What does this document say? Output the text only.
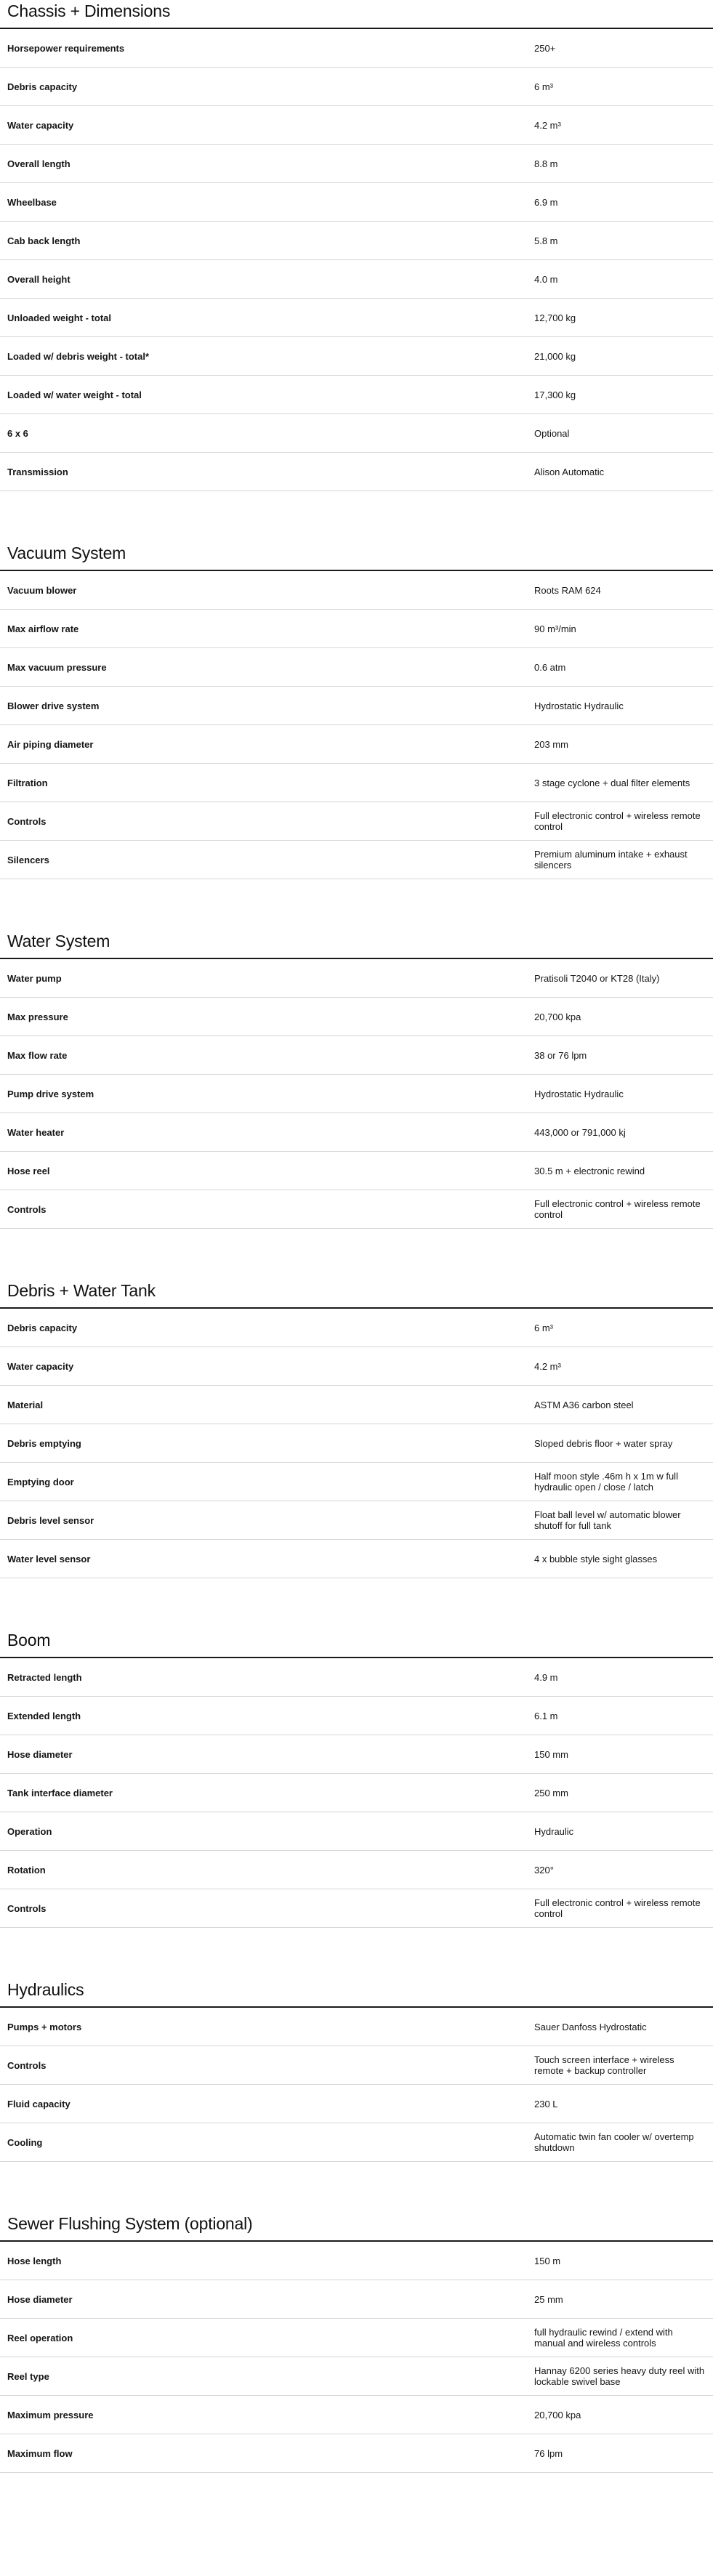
Chassis + Dimensions
Horsepower requirements	250+
Debris capacity	6 m³
Water capacity	4.2 m³
Overall length	8.8 m
Wheelbase	6.9 m
Cab back length	5.8 m
Overall height	4.0 m
Unloaded weight - total	12,700 kg
Loaded w/ debris weight - total*	21,000 kg
Loaded w/ water weight - total	17,300 kg
6 x 6	Optional
Transmission	Alison Automatic
Vacuum System
Vacuum blower	Roots RAM 624
Max airflow rate	90 m³/min
Max vacuum pressure	0.6 atm
Blower drive system	Hydrostatic Hydraulic
Air piping diameter	203 mm
Filtration	3 stage cyclone + dual filter elements
Controls	Full electronic control + wireless remote control
Silencers	Premium aluminum intake + exhaust silencers
Water System
Water pump	Pratisoli T2040 or KT28 (Italy)
Max pressure	20,700 kpa
Max flow rate	38 or 76 lpm
Pump drive system	Hydrostatic Hydraulic
Water heater	443,000 or 791,000 kj
Hose reel	30.5 m + electronic rewind
Controls	Full electronic control + wireless remote control
Debris + Water Tank
Debris capacity	6 m³
Water capacity	4.2 m³
Material	ASTM A36 carbon steel
Debris emptying	Sloped debris floor + water spray
Emptying door	Half moon style .46m h x 1m w full hydraulic open / close / latch
Debris level sensor	Float ball level w/ automatic blower shutoff for full tank
Water level sensor	4 x bubble style sight glasses
Boom
Retracted length	4.9 m
Extended length	6.1 m
Hose diameter	150 mm
Tank interface diameter	250 mm
Operation	Hydraulic
Rotation	320°
Controls	Full electronic control + wireless remote control
Hydraulics
Pumps + motors	Sauer Danfoss Hydrostatic
Controls	Touch screen interface + wireless remote + backup controller
Fluid capacity	230 L
Cooling	Automatic twin fan cooler w/ overtemp shutdown
Sewer Flushing System (optional)
Hose length	150 m
Hose diameter	25 mm
Reel operation	full hydraulic rewind / extend with manual and wireless controls
Reel type	Hannay 6200 series heavy duty reel with lockable swivel base
Maximum pressure	20,700 kpa
Maximum flow	76 lpm
